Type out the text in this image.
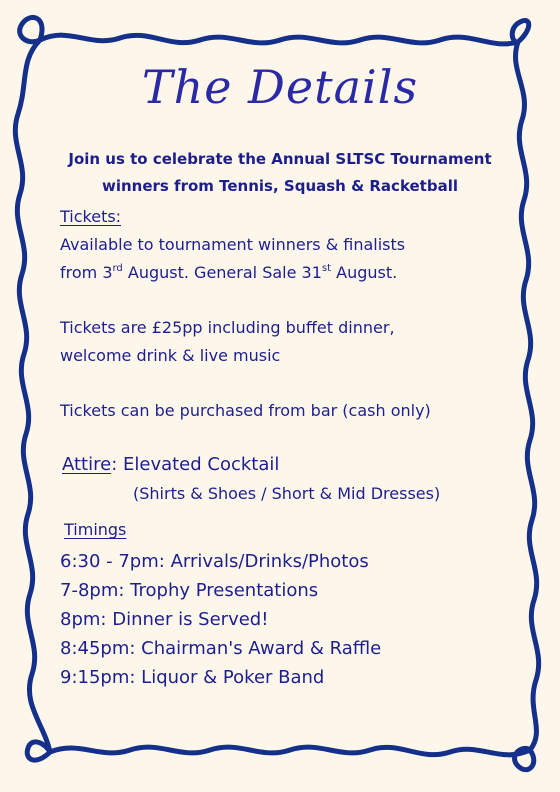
The Details
Join us to celebrate the Annual SLTSC Tournament
winners from Tennis, Squash & Racketball
Tickets:
Available to tournament winners & finalists
from 3rd August. General Sale 31st August.
Tickets are £25pp including buffet dinner,
welcome drink & live music
Tickets can be purchased from bar (cash only)
Attire: Elevated Cocktail
(Shirts & Shoes / Short & Mid Dresses)
Timings
6:30 - 7pm: Arrivals/Drinks/Photos
7-8pm: Trophy Presentations
8pm: Dinner is Served!
8:45pm: Chairman's Award & Raffle
9:15pm: Liquor & Poker Band
